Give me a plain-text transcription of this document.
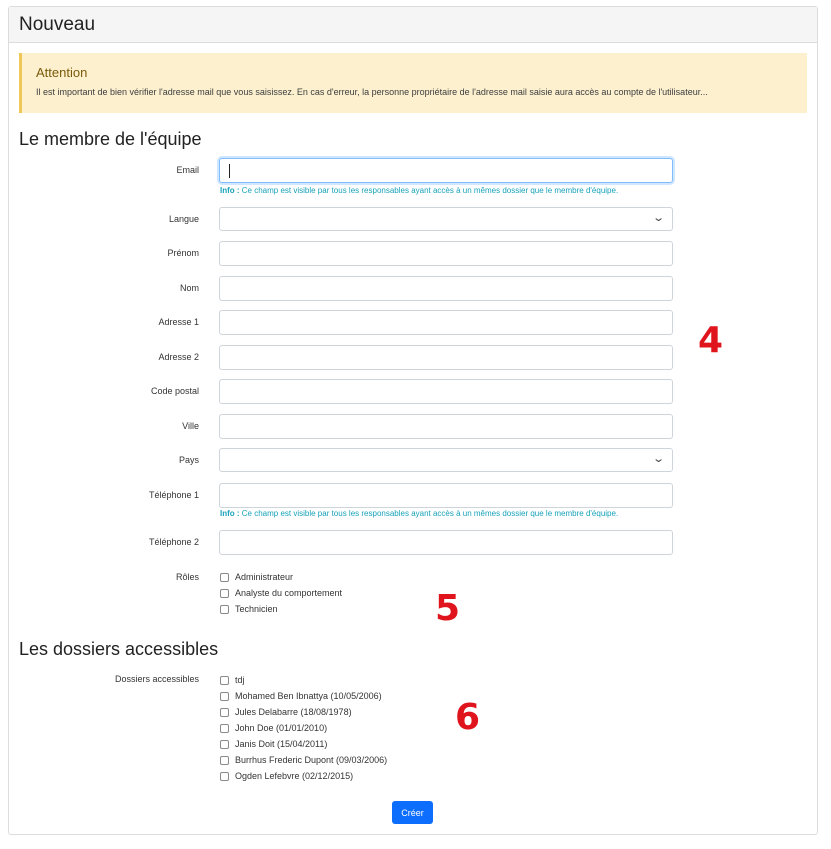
Nouveau
Attention
Il est important de bien vérifier l'adresse mail que vous saisissez. En cas d'erreur, la personne propriétaire de l'adresse mail saisie aura accès au compte de l'utilisateur...
Le membre de l'équipe
Email
Info : Ce champ est visible par tous les responsables ayant accès à un mêmes dossier que le membre d'équipe.
Langue	⌄
Prénom
Nom
Adresse 1
Adresse 2
Code postal
Ville
Pays	⌄
Téléphone 1
Info : Ce champ est visible par tous les responsables ayant accès à un mêmes dossier que le membre d'équipe.
Téléphone 2
Rôles	Administrateur
Analyste du comportement
Technicien
Les dossiers accessibles
Dossiers accessibles	tdj
Mohamed Ben Ibnattya (10/05/2006)
Jules Delabarre (18/08/1978)
John Doe (01/01/2010)
Janis Doit (15/04/2011)
Burrhus Frederic Dupont (09/03/2006)
Ogden Lefebvre (02/12/2015)
Créer
4
5
6
